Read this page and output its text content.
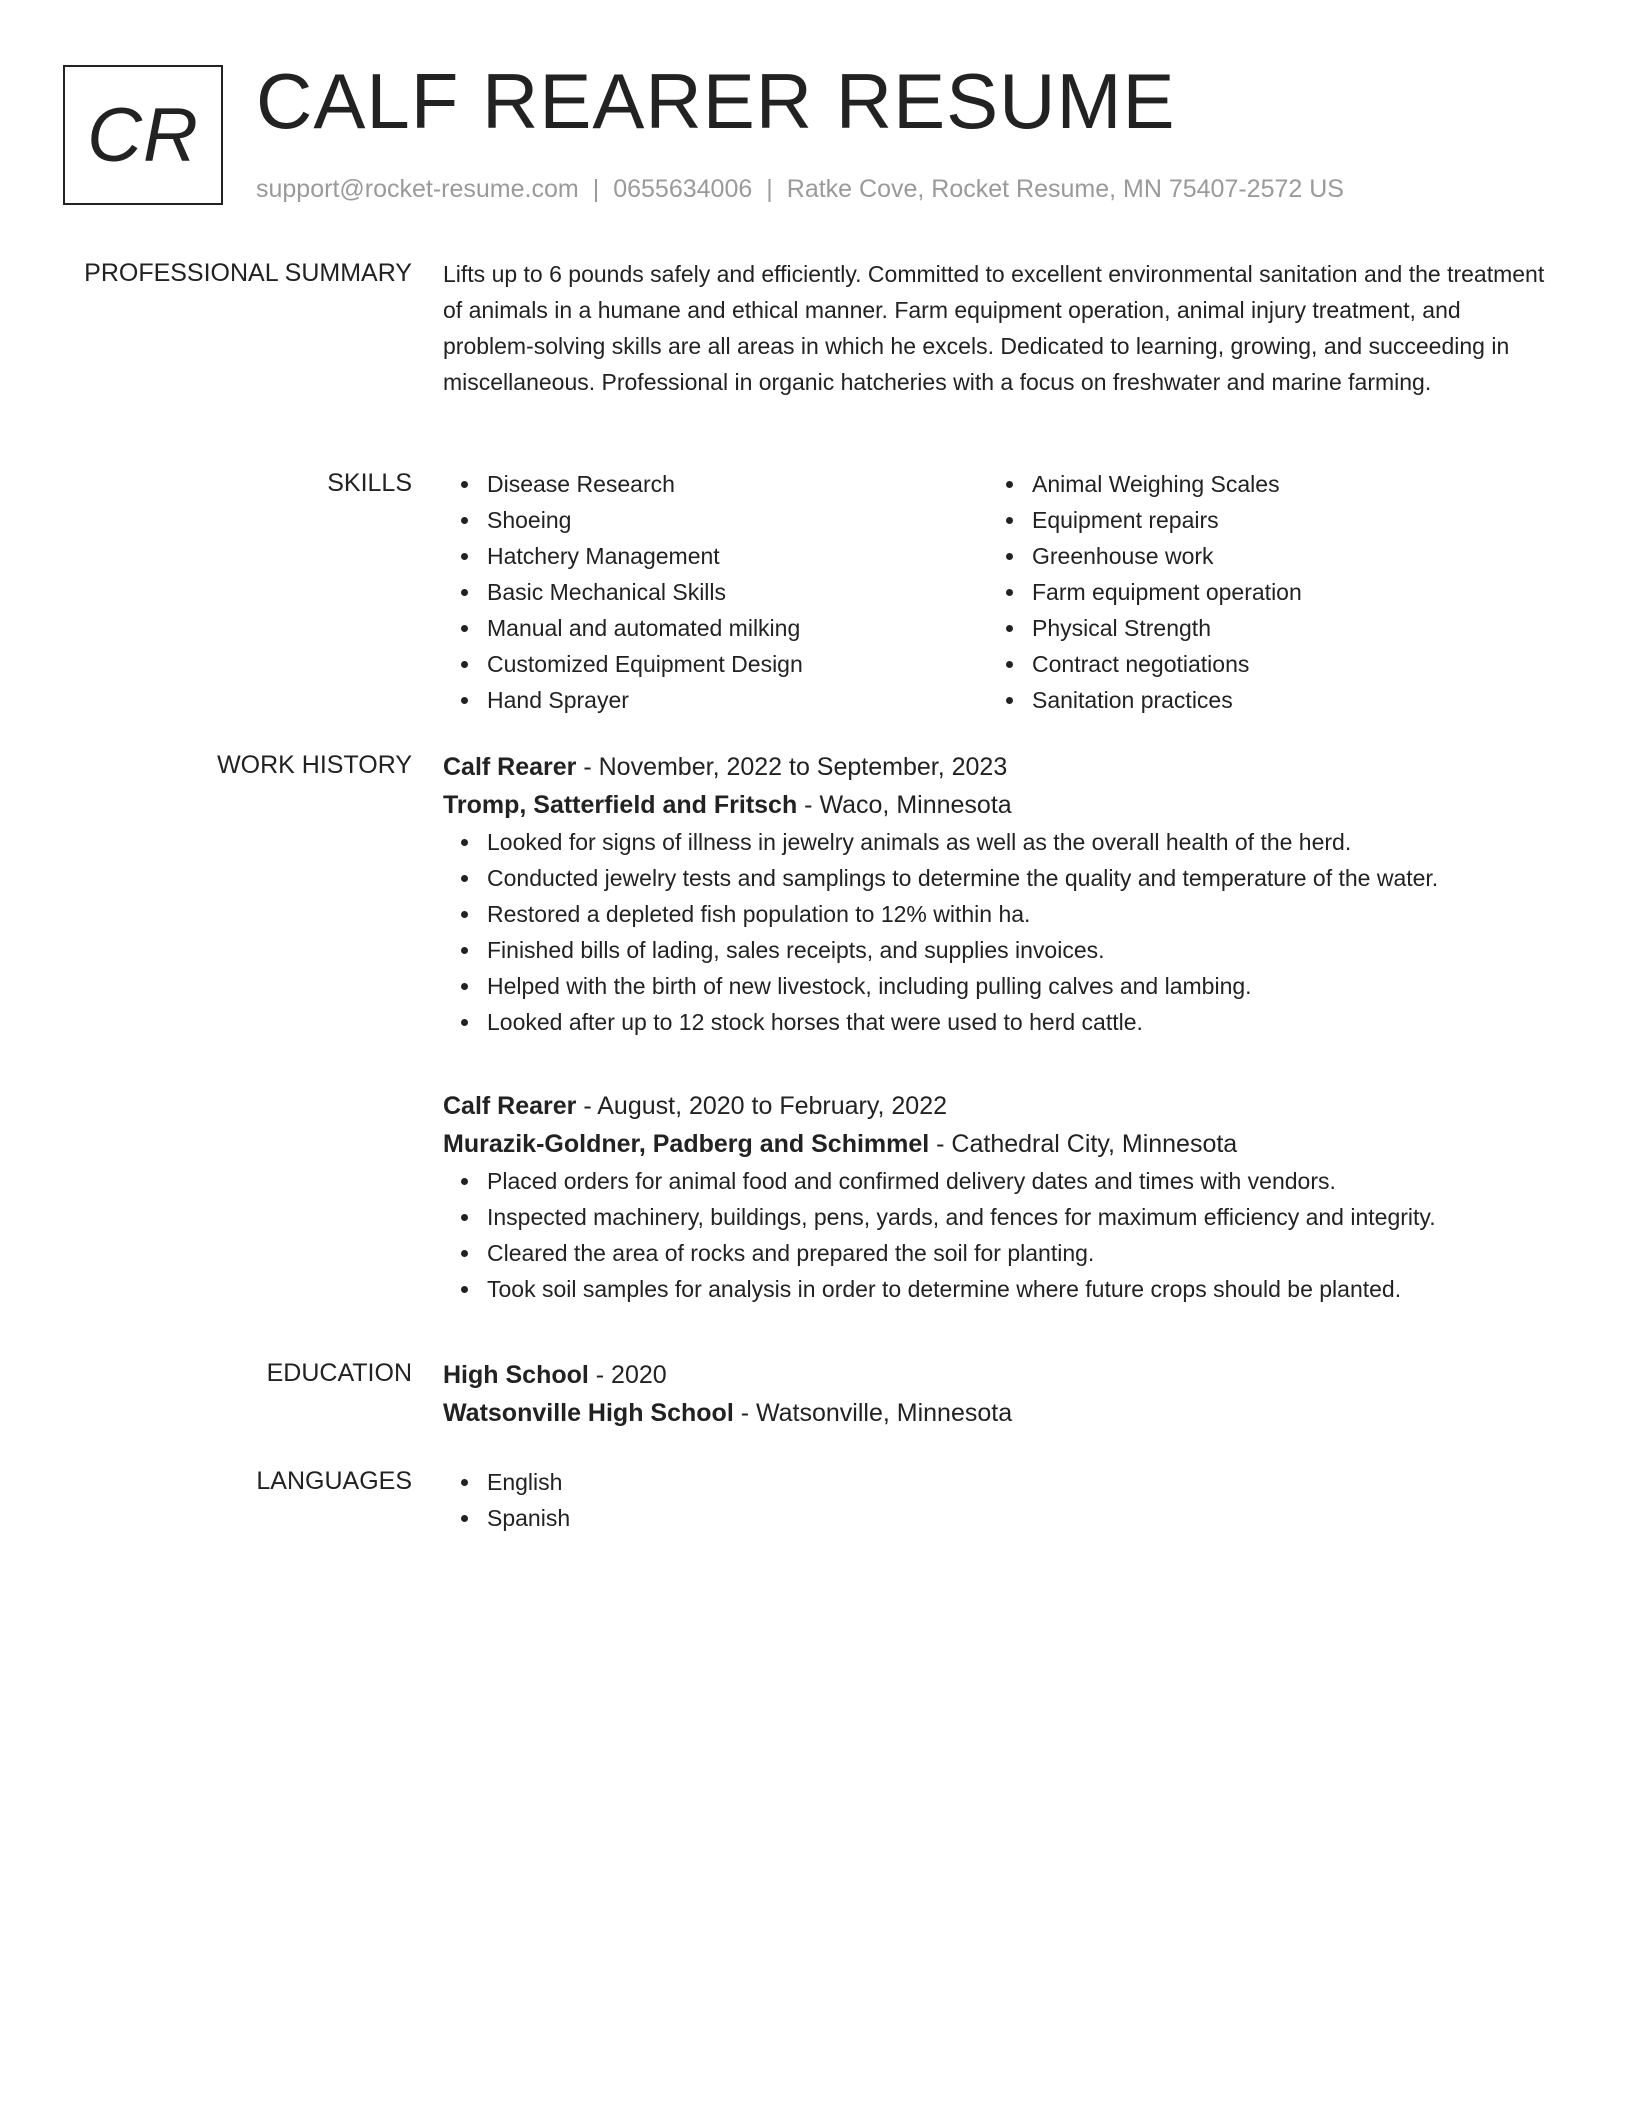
CR CALF REARER RESUME
support@rocket-resume.com | 0655634006 | Ratke Cove, Rocket Resume, MN 75407-2572 US
PROFESSIONAL SUMMARY Lifts up to 6 pounds safely and efficiently. Committed to excellent environmental sanitation and the treatment of animals in a humane and ethical manner. Farm equipment operation, animal injury treatment, and problem-solving skills are all areas in which he excels. Dedicated to learning, growing, and succeeding in miscellaneous. Professional in organic hatcheries with a focus on freshwater and marine farming.

SKILLS	Disease Research
Shoeing
Hatchery Management
Basic Mechanical Skills
Manual and automated milking
Customized Equipment Design
Hand Sprayer
Animal Weighing Scales
Equipment repairs
Greenhouse work
Farm equipment operation
Physical Strength
Contract negotiations
Sanitation practices
WORK HISTORY Calf Rearer - November, 2022 to September, 2023
Tromp, Satterfield and Fritsch - Waco, Minnesota
Looked for signs of illness in jewelry animals as well as the overall health of the herd.
Conducted jewelry tests and samplings to determine the quality and temperature of the water.
Restored a depleted fish population to 12% within ha.
Finished bills of lading, sales receipts, and supplies invoices.
Helped with the birth of new livestock, including pulling calves and lambing.
Looked after up to 12 stock horses that were used to herd cattle.
Calf Rearer - August, 2020 to February, 2022
Murazik-Goldner, Padberg and Schimmel - Cathedral City, Minnesota
Placed orders for animal food and confirmed delivery dates and times with vendors.
Inspected machinery, buildings, pens, yards, and fences for maximum efficiency and integrity.
Cleared the area of rocks and prepared the soil for planting.
Took soil samples for analysis in order to determine where future crops should be planted.
EDUCATION High School - 2020
Watsonville High School - Watsonville, Minnesota
LANGUAGES	English
Spanish
